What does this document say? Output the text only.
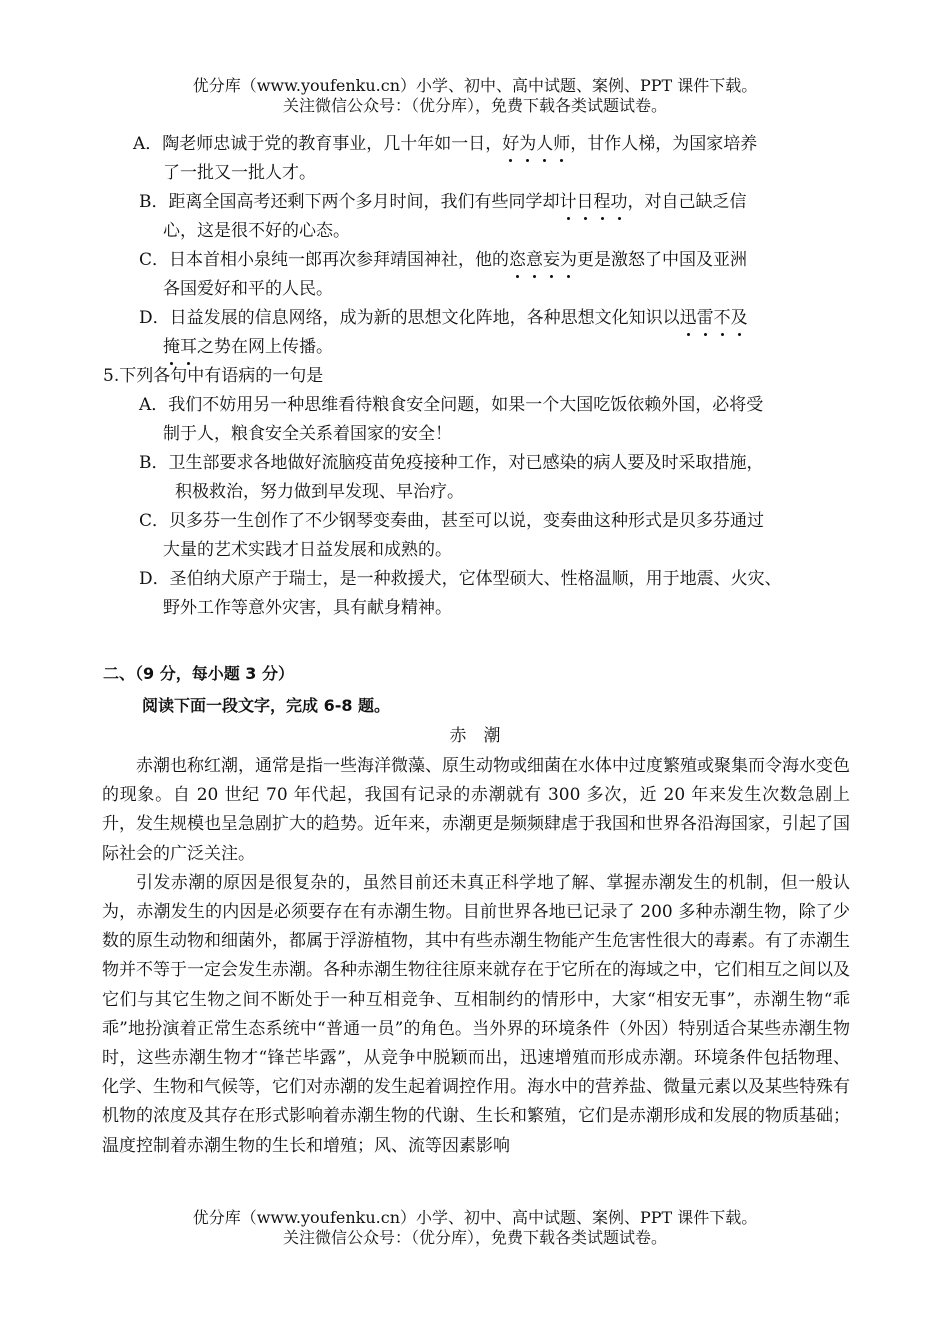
优分库（www.youfenku.cn）小学、初中、高中试题、案例、PPT 课件下载。
关注微信公众号：（优分库），免费下载各类试题试卷。
A．陶老师忠诚于党的教育事业，几十年如一日，好为人师，甘作人梯，为国家培养
了一批又一批人才。
B．距离全国高考还剩下两个多月时间，我们有些同学却计日程功，对自己缺乏信
心，这是很不好的心态。
C．日本首相小泉纯一郎再次参拜靖国神社，他的恣意妄为更是激怒了中国及亚洲
各国爱好和平的人民。
D．日益发展的信息网络，成为新的思想文化阵地，各种思想文化知识以迅雷不及
掩耳之势在网上传播。
5.下列各句中有语病的一句是
A．我们不妨用另一种思维看待粮食安全问题，如果一个大国吃饭依赖外国，必将受
制于人，粮食安全关系着国家的安全！
B．卫生部要求各地做好流脑疫苗免疫接种工作，对已感染的病人要及时采取措施，
积极救治，努力做到早发现、早治疗。
C．贝多芬一生创作了不少钢琴变奏曲，甚至可以说，变奏曲这种形式是贝多芬通过
大量的艺术实践才日益发展和成熟的。
D．圣伯纳犬原产于瑞士，是一种救援犬，它体型硕大、性格温顺，用于地震、火灾、
野外工作等意外灾害，具有献身精神。
二、（9 分，每小题 3 分）
阅读下面一段文字，完成 6-8 题。
赤　潮

赤潮也称红潮，通常是指一些海洋微藻、原生动物或细菌在水体中过度繁殖或聚集而令海水变色的现象。自 20 世纪 70 年代起，我国有记录的赤潮就有 300 多次，近 20 年来发生次数急剧上升，发生规模也呈急剧扩大的趋势。近年来，赤潮更是频频肆虐于我国和世界各沿海国家，引起了国际社会的广泛关注。

引发赤潮的原因是很复杂的，虽然目前还未真正科学地了解、掌握赤潮发生的机制，但一般认为，赤潮发生的内因是必须要存在有赤潮生物。目前世界各地已记录了 200 多种赤潮生物，除了少数的原生动物和细菌外，都属于浮游植物，其中有些赤潮生物能产生危害性很大的毒素。有了赤潮生物并不等于一定会发生赤潮。各种赤潮生物往往原来就存在于它所在的海域之中，它们相互之间以及它们与其它生物之间不断处于一种互相竞争、互相制约的情形中，大家“相安无事”，赤潮生物“乖乖”地扮演着正常生态系统中“普通一员”的角色。当外界的环境条件（外因）特别适合某些赤潮生物时，这些赤潮生物才“锋芒毕露”，从竞争中脱颖而出，迅速增殖而形成赤潮。环境条件包括物理、化学、生物和气候等，它们对赤潮的发生起着调控作用。海水中的营养盐、微量元素以及某些特殊有机物的浓度及其存在形式影响着赤潮生物的代谢、生长和繁殖，它们是赤潮形成和发展的物质基础；温度控制着赤潮生物的生长和增殖；风、流等因素影响

优分库（www.youfenku.cn）小学、初中、高中试题、案例、PPT 课件下载。
关注微信公众号：（优分库），免费下载各类试题试卷。
